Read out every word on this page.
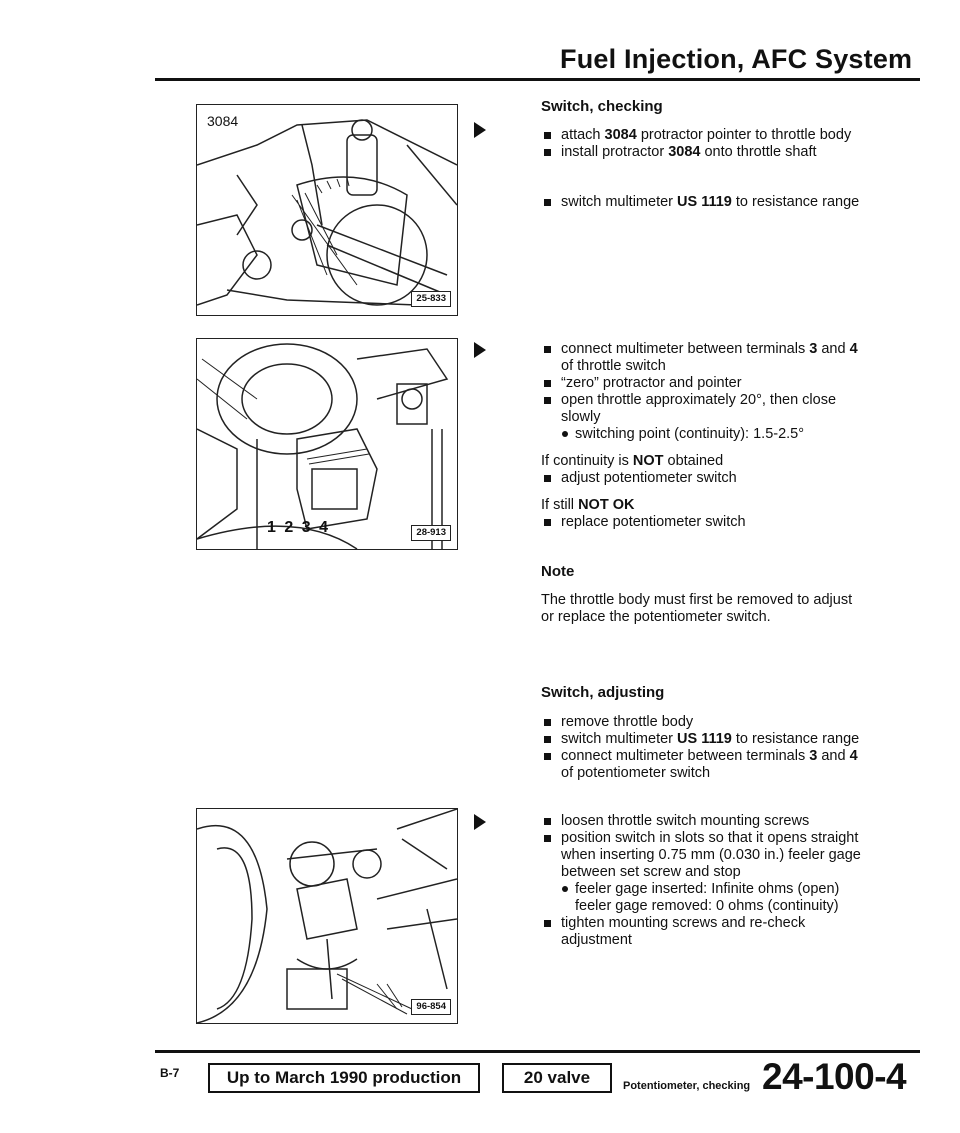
Fuel Injection, AFC System
3084
25-833
1 2 3 4	28-913
96-854
Switch, checking
attach 3084 protractor pointer to throttle body
install protractor 3084 onto throttle shaft
switch multimeter US 1119 to resistance range
connect multimeter between terminals 3 and 4 of throttle switch
“zero” protractor and pointer
open throttle approximately 20°, then close slowly
switching point (continuity): 1.5-2.5°
If continuity is NOT obtained
adjust potentiometer switch
If still NOT OK
replace potentiometer switch
Note
The throttle body must first be removed to adjust or replace the potentiometer switch.
Switch, adjusting
remove throttle body
switch multimeter US 1119 to resistance range
connect multimeter between terminals 3 and 4 of potentiometer switch
loosen throttle switch mounting screws
position switch in slots so that it opens straight when inserting 0.75 mm (0.030 in.) feeler gage between set screw and stop
feeler gage inserted: Infinite ohms (open)
feeler gage removed: 0 ohms (continuity)
tighten mounting screws and re-check adjustment
B-7	Up to March 1990 production	20 valve	Potentiometer, checking 24-100-4
